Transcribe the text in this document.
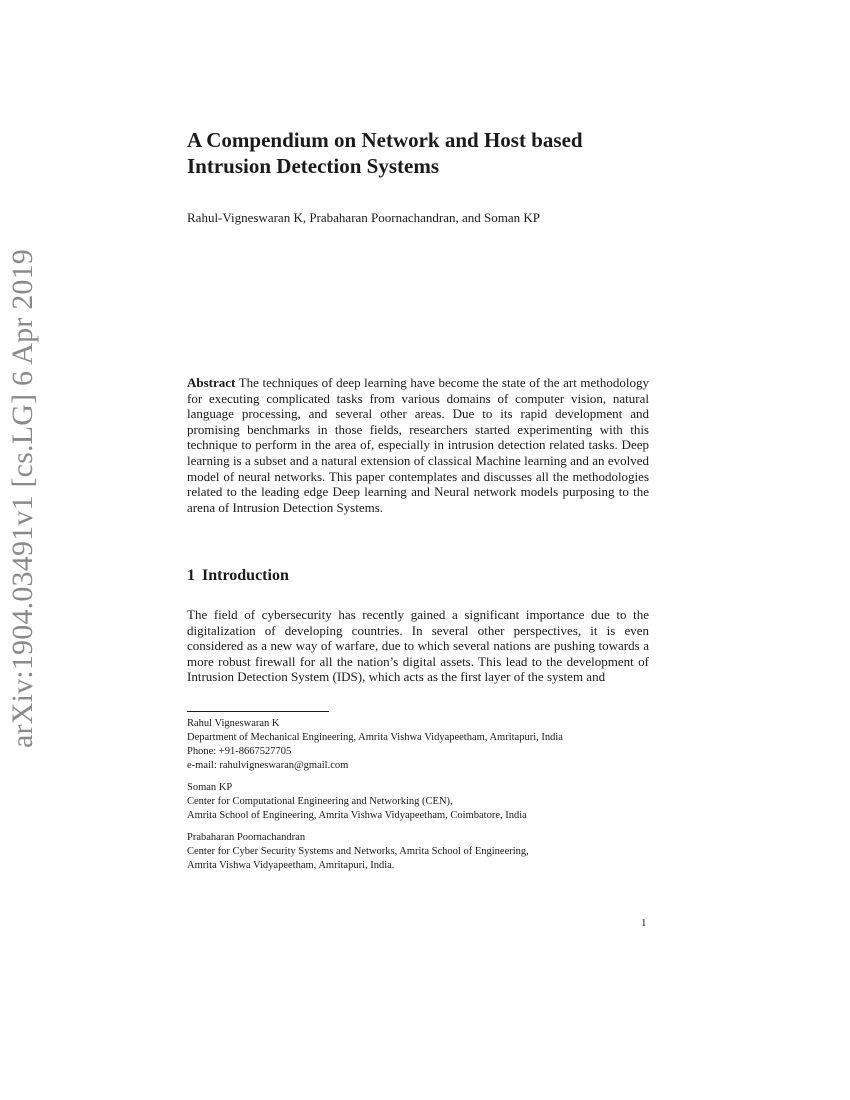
arXiv:1904.03491v1 [cs.LG] 6 Apr 2019
A Compendium on Network and Host based
Intrusion Detection Systems
Rahul-Vigneswaran K, Prabaharan Poornachandran, and Soman KP

Abstract The techniques of deep learning have become the state of the art methodology for executing complicated tasks from various domains of computer vision, natural language processing, and several other areas. Due to its rapid development and promising benchmarks in those fields, researchers started experimenting with this technique to perform in the area of, especially in intrusion detection related tasks. Deep learning is a subset and a natural extension of classical Machine learning and an evolved model of neural networks. This paper contemplates and discusses all the methodologies related to the leading edge Deep learning and Neural network models purposing to the arena of Intrusion Detection Systems.

1 Introduction

The field of cybersecurity has recently gained a significant importance due to the digitalization of developing countries. In several other perspectives, it is even considered as a new way of warfare, due to which several nations are pushing towards a more robust firewall for all the nation’s digital assets. This lead to the development of Intrusion Detection System (IDS), which acts as the first layer of the system and

Rahul Vigneswaran K
Department of Mechanical Engineering, Amrita Vishwa Vidyapeetham, Amritapuri, India
Phone: +91-8667527705
e-mail: rahulvigneswaran@gmail.com
Soman KP
Center for Computational Engineering and Networking (CEN),
Amrita School of Engineering, Amrita Vishwa Vidyapeetham, Coimbatore, India
Prabaharan Poornachandran
Center for Cyber Security Systems and Networks, Amrita School of Engineering,
Amrita Vishwa Vidyapeetham, Amritapuri, India.
1
